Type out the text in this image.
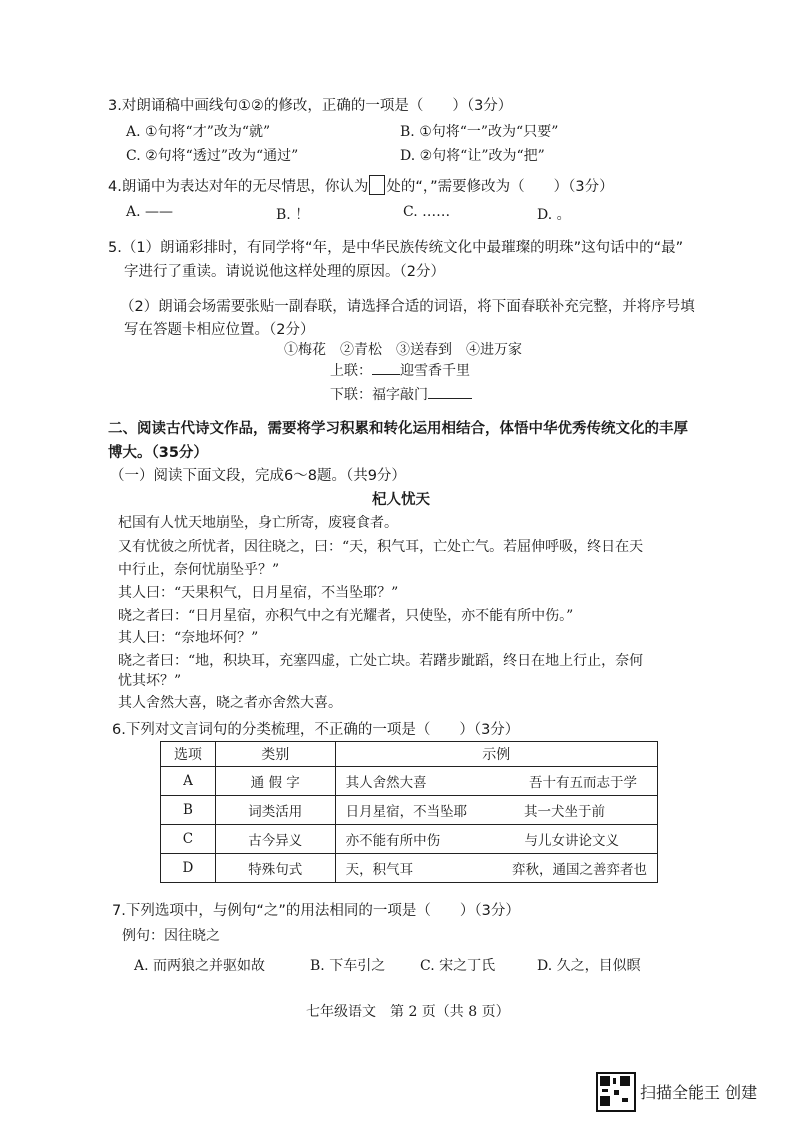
3.对朗诵稿中画线句①②的修改，正确的一项是（　　）（3分）
A. ①句将“才”改为“就”	B. ①句将“一”改为“只要”
C. ②句将“透过”改为“通过”	D. ②句将“让”改为“把”
4.朗诵中为表达对年的无尽情思，你认为 处的“，”需要修改为（　　）（3分）
A. ——	B. ！	C. ……	D. 。
5.（1）朗诵彩排时，有同学将“年，是中华民族传统文化中最璀璨的明珠”这句话中的“最”
字进行了重读。请说说他这样处理的原因。（2分）
（2）朗诵会场需要张贴一副春联，请选择合适的词语，将下面春联补充完整，并将序号填
写在答题卡相应位置。（2分）
①梅花　②青松　③送春到　④进万家
上联： 迎雪香千里
下联：福字敲门
二、阅读古代诗文作品，需要将学习积累和转化运用相结合，体悟中华优秀传统文化的丰厚
博大。（35分）
（一）阅读下面文段，完成6～8题。（共9分）
杞人忧天
杞国有人忧天地崩坠，身亡所寄，废寝食者。
又有忧彼之所忧者，因往晓之，曰：“天，积气耳，亡处亡气。若屈伸呼吸，终日在天
中行止，奈何忧崩坠乎？”
其人曰：“天果积气，日月星宿，不当坠耶？”
晓之者曰：“日月星宿，亦积气中之有光耀者，只使坠，亦不能有所中伤。”
其人曰：“奈地坏何？”
晓之者曰：“地，积块耳，充塞四虚，亡处亡块。若躇步跐蹈，终日在地上行止，奈何
忧其坏？”
其人舍然大喜，晓之者亦舍然大喜。
6.下列对文言词句的分类梳理，不正确的一项是（　　）（3分）
选项	类别	示例
A	通 假 字	其人舍然大喜 吾十有五而志于学

B	词类活用	日月星宿，不当坠耶 其一犬坐于前

C	古今异义	亦不能有所中伤 与儿女讲论文义

D	特殊句式	天，积气耳 弈秋，通国之善弈者也
7.下列选项中，与例句“之”的用法相同的一项是（　　）（3分）
例句：因往晓之
A. 而两狼之并驱如故	B. 下车引之 C. 宋之丁氏	D. 久之，目似瞑
七年级语文　第 2 页（共 8 页）
扫描全能王 创建
